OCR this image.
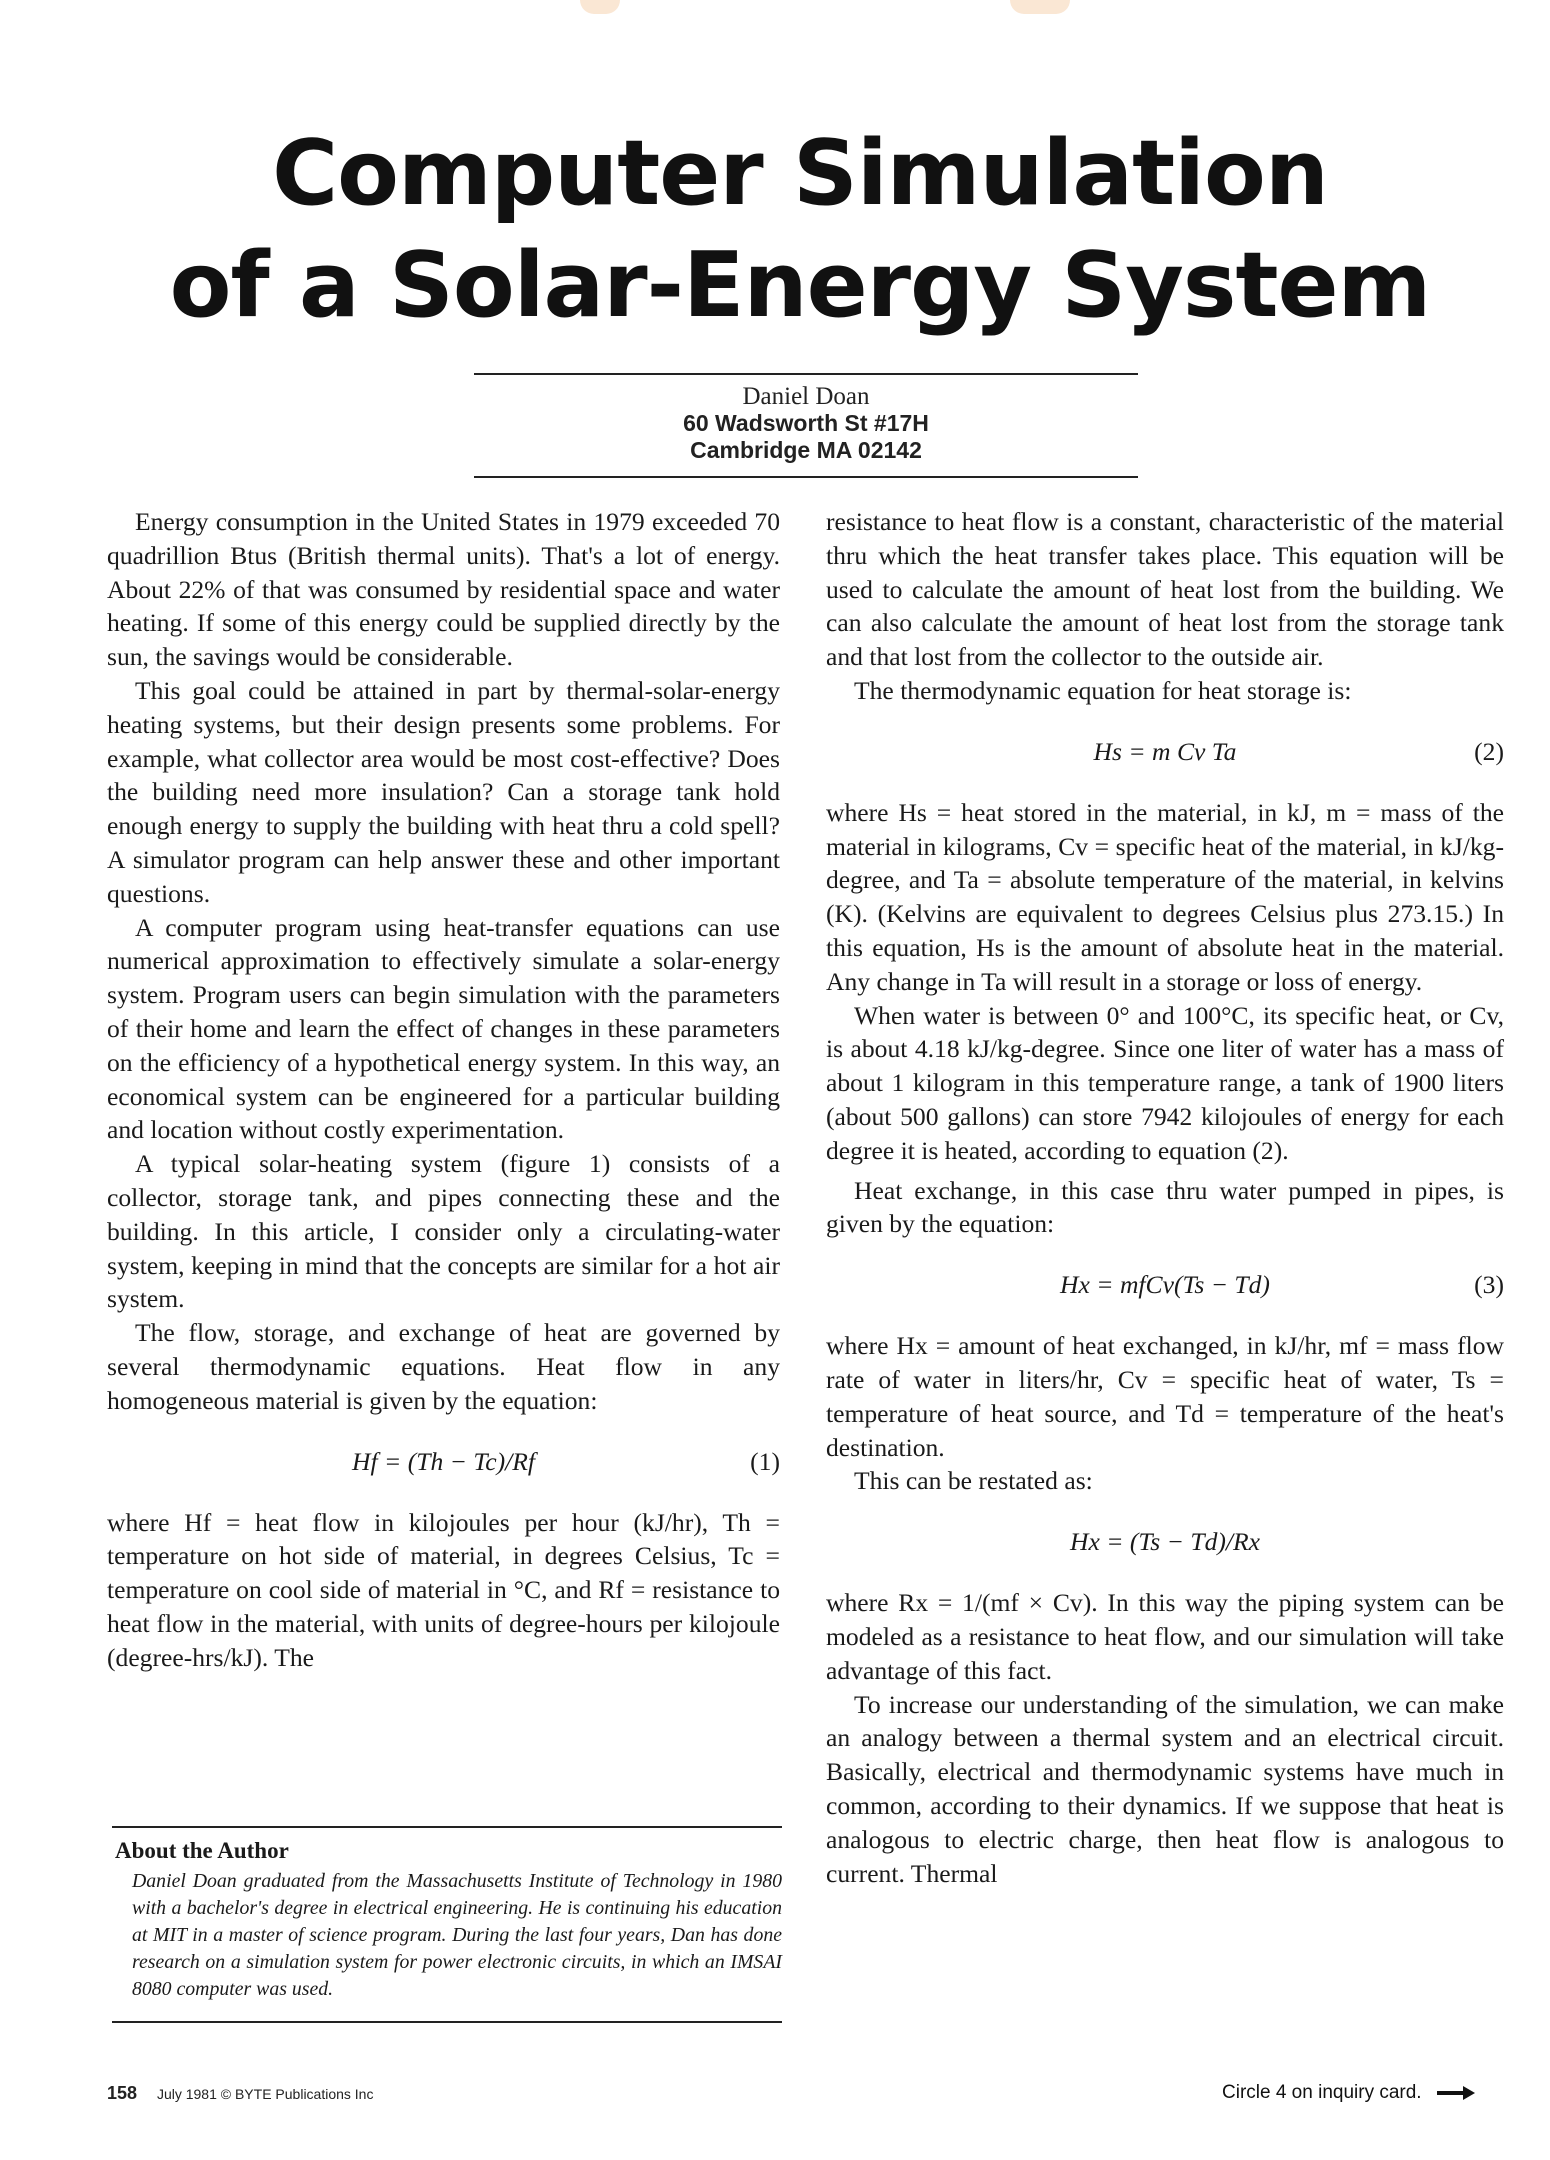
Computer Simulation
of a Solar-Energy System
Daniel Doan
60 Wadsworth St #17H
Cambridge MA 02142

Energy consumption in the United States in 1979 exceeded 70 quadrillion Btus (British thermal units). That's a lot of energy. About 22% of that was consumed by residential space and water heating. If some of this energy could be supplied directly by the sun, the savings would be considerable.

This goal could be attained in part by thermal-solar-energy heating systems, but their design presents some problems. For example, what collector area would be most cost-effective? Does the building need more insulation? Can a storage tank hold enough energy to supply the building with heat thru a cold spell? A simulator program can help answer these and other important questions.

A computer program using heat-transfer equations can use numerical approximation to effectively simulate a solar-energy system. Program users can begin simulation with the parameters of their home and learn the effect of changes in these parameters on the efficiency of a hypothetical energy system. In this way, an economical system can be engineered for a particular building and location without costly experimentation.

A typical solar-heating system (figure 1) consists of a collector, storage tank, and pipes connecting these and the building. In this article, I consider only a circulating-water system, keeping in mind that the concepts are similar for a hot air system.

The flow, storage, and exchange of heat are governed by several thermodynamic equations. Heat flow in any homogeneous material is given by the equation:

Hf = (Th − Tc)/Rf	(1)

where Hf = heat flow in kilojoules per hour (kJ/hr), Th = temperature on hot side of material, in degrees Celsius, Tc = temperature on cool side of material in °C, and Rf = resistance to heat flow in the material, with units of degree-hours per kilojoule (degree-hrs/kJ). The

About the Author
Daniel Doan graduated from the Massachusetts Institute of Technology in 1980 with a bachelor's degree in electrical engineering. He is continuing his education at MIT in a master of science program. During the last four years, Dan has done research on a simulation system for power electronic circuits, in which an IMSAI 8080 computer was used.

resistance to heat flow is a constant, characteristic of the material thru which the heat transfer takes place. This equation will be used to calculate the amount of heat lost from the building. We can also calculate the amount of heat lost from the storage tank and that lost from the collector to the outside air.

The thermodynamic equation for heat storage is:

Hs = m Cv Ta	(2)

where Hs = heat stored in the material, in kJ, m = mass of the material in kilograms, Cv = specific heat of the material, in kJ/kg-degree, and Ta = absolute temperature of the material, in kelvins (K). (Kelvins are equivalent to degrees Celsius plus 273.15.) In this equation, Hs is the amount of absolute heat in the material. Any change in Ta will result in a storage or loss of energy.

When water is between 0° and 100°C, its specific heat, or Cv, is about 4.18 kJ/kg-degree. Since one liter of water has a mass of about 1 kilogram in this temperature range, a tank of 1900 liters (about 500 gallons) can store 7942 kilojoules of energy for each degree it is heated, according to equation (2).

Heat exchange, in this case thru water pumped in pipes, is given by the equation:

Hx = mfCv(Ts − Td)	(3)

where Hx = amount of heat exchanged, in kJ/hr, mf = mass flow rate of water in liters/hr, Cv = specific heat of water, Ts = temperature of heat source, and Td = temperature of the heat's destination.

This can be restated as:

Hx = (Ts − Td)/Rx

where Rx = 1/(mf × Cv). In this way the piping system can be modeled as a resistance to heat flow, and our simulation will take advantage of this fact.

To increase our understanding of the simulation, we can make an analogy between a thermal system and an electrical circuit. Basically, electrical and thermodynamic systems have much in common, according to their dynamics. If we suppose that heat is analogous to electric charge, then heat flow is analogous to current. Thermal

158 July 1981 © BYTE Publications Inc	Circle 4 on inquiry card.
